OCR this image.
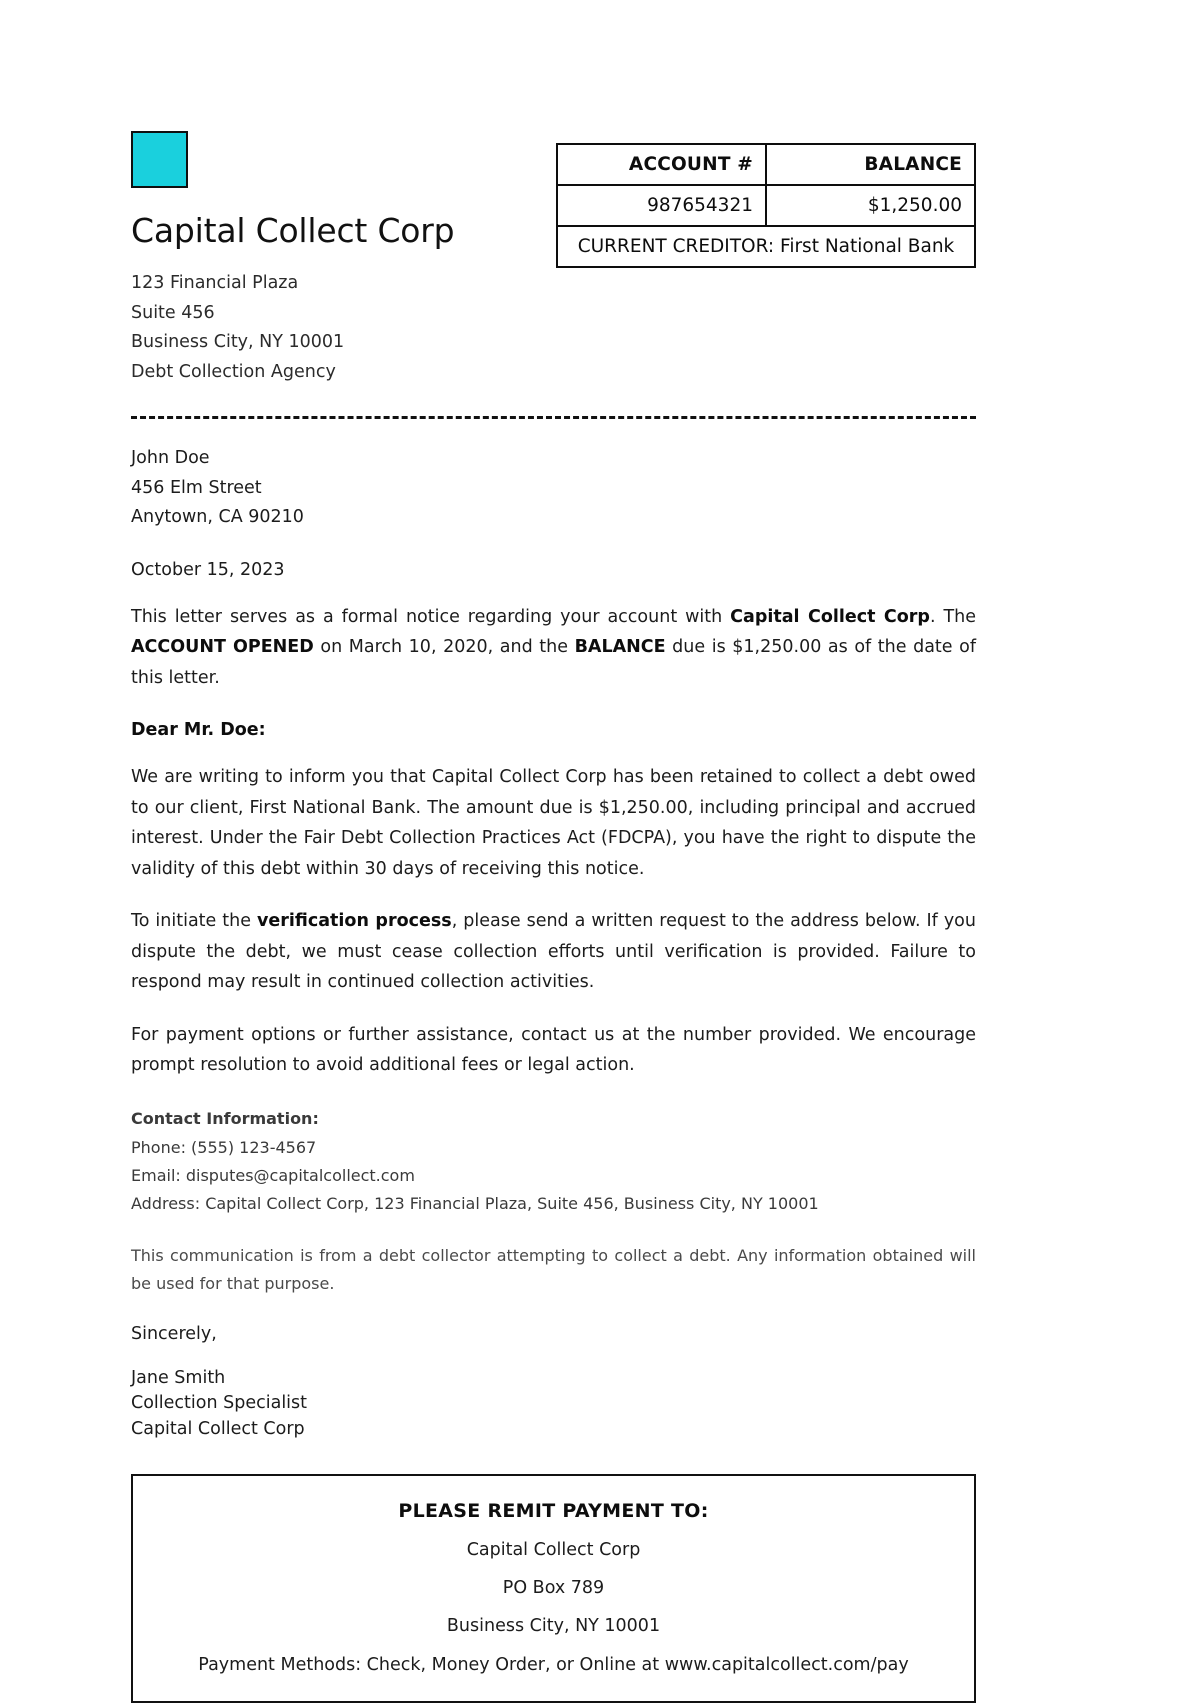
Capital Collect Corp
123 Financial Plaza
Suite 456
Business City, NY 10001
Debt Collection Agency
ACCOUNT #	BALANCE
987654321	$1,250.00
CURRENT CREDITOR: First National Bank	
John Doe
456 Elm Street
Anytown, CA 90210
October 15, 2023

This letter serves as a formal notice regarding your account with Capital Collect Corp. The ACCOUNT OPENED on March 10, 2020, and the BALANCE due is $1,250.00 as of the date of this letter.

Dear Mr. Doe:

We are writing to inform you that Capital Collect Corp has been retained to collect a debt owed to our client, First National Bank. The amount due is $1,250.00, including principal and accrued interest. Under the Fair Debt Collection Practices Act (FDCPA), you have the right to dispute the validity of this debt within 30 days of receiving this notice.

To initiate the verification process, please send a written request to the address below. If you dispute the debt, we must cease collection efforts until verification is provided. Failure to respond may result in continued collection activities.

For payment options or further assistance, contact us at the number provided. We encourage prompt resolution to avoid additional fees or legal action.

Contact Information:
Phone: (555) 123-4567
Email: disputes@capitalcollect.com
Address: Capital Collect Corp, 123 Financial Plaza, Suite 456, Business City, NY 10001

This communication is from a debt collector attempting to collect a debt. Any information obtained will be used for that purpose.

Sincerely,
Jane Smith
Collection Specialist
Capital Collect Corp
PLEASE REMIT PAYMENT TO:
Capital Collect Corp
PO Box 789
Business City, NY 10001
Payment Methods: Check, Money Order, or Online at www.capitalcollect.com/pay
